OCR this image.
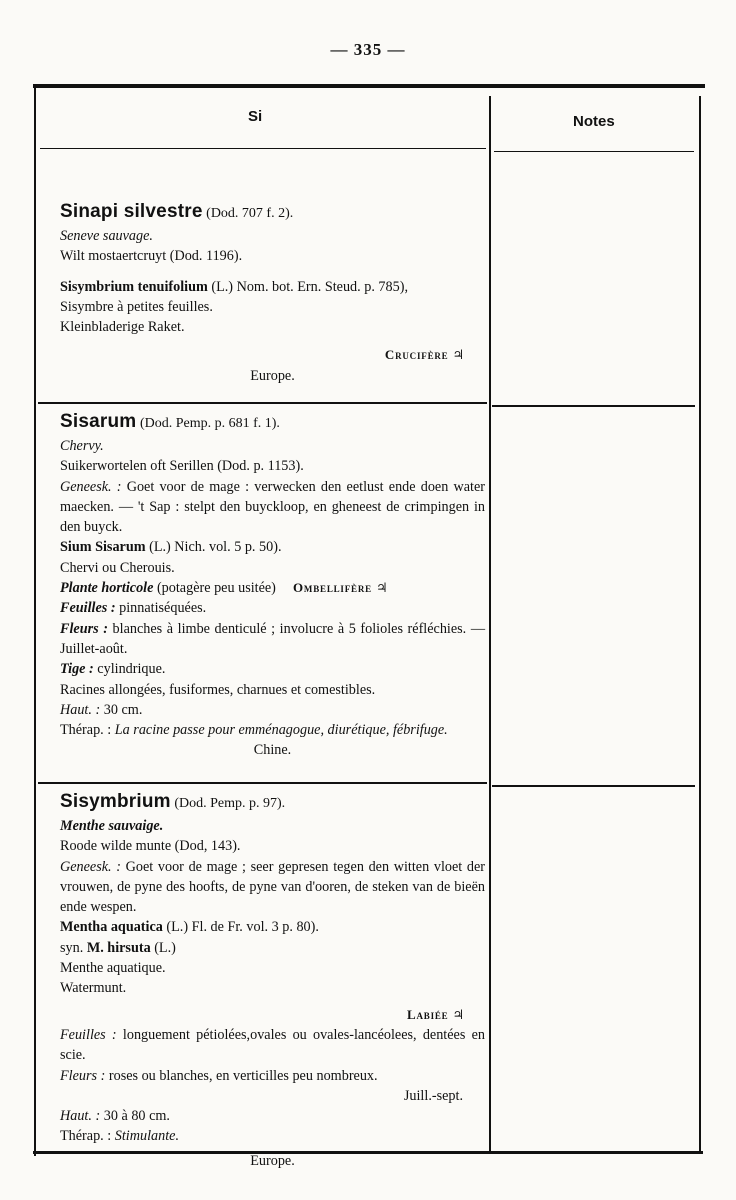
— 335 —
Si	Notes
Sinapi silvestre (Dod. 707 f. 2).
Seneve sauvage.
Wilt mostaertcruyt (Dod. 1196).
Sisymbrium tenuifolium (L.) Nom. bot. Ern. Steud. p. 785),
Sisymbre à petites feuilles.
Kleinbladerige Raket.
Crucifère ♃
Europe.
Sisarum (Dod. Pemp. p. 681 f. 1).
Chervy.
Suikerwortelen oft Serillen (Dod. p. 1153).
Geneesk. : Goet voor de mage : verwecken den eetlust ende doen water maecken. — 't Sap : stelpt den buyckloop, en gheneest de crimpingen in den buyck.
Sium Sisarum (L.) Nich. vol. 5 p. 50).
Chervi ou Cherouis.
Plante horticole (potagère peu usitée) Ombellifère ♃
Feuilles : pinnatiséquées.
Fleurs : blanches à limbe denticulé ; involucre à 5 folioles réfléchies. — Juillet-août.
Tige : cylindrique.
Racines allongées, fusiformes, charnues et comestibles.
Haut. : 30 cm.
Thérap. : La racine passe pour emménagogue, diurétique, fébrifuge.
Chine.
Sisymbrium (Dod. Pemp. p. 97).
Menthe sauvaige.
Roode wilde munte (Dod, 143).
Geneesk. : Goet voor de mage ; seer gepresen tegen den witten vloet der vrouwen, de pyne des hoofts, de pyne van d'ooren, de steken van de bieën ende wespen.
Mentha aquatica (L.) Fl. de Fr. vol. 3 p. 80).
syn. M. hirsuta (L.)
Menthe aquatique.
Watermunt.
Labiée ♃
Feuilles : longuement pétiolées,ovales ou ovales-lancéolees, dentées en scie.
Fleurs : roses ou blanches, en verticilles peu nombreux.
Juill.-sept.
Haut. : 30 à 80 cm.
Thérap. : Stimulante.
Europe.
